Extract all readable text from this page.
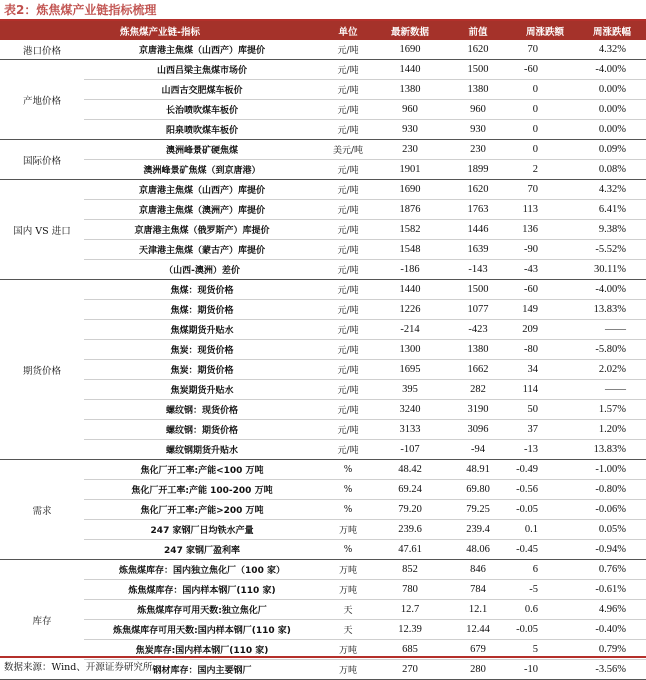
表2：炼焦煤产业链指标梳理
炼焦煤产业链-指标		单位	最新数据	前值	周涨跌额	周涨跌幅
港口价格	京唐港主焦煤（山西产）库提价	元/吨	1690	1620	70	4.32%
产地价格	山西吕梁主焦煤市场价	元/吨	1440	1500	-60	-4.00%
	山西古交肥煤车板价	元/吨	1380	1380	0	0.00%
	长治喷吹煤车板价	元/吨	960	960	0	0.00%
	阳泉喷吹煤车板价	元/吨	930	930	0	0.00%
国际价格	澳洲峰景矿硬焦煤	美元/吨	230	230	0	0.09%
	澳洲峰景矿焦煤（到京唐港）	元/吨	1901	1899	2	0.08%
国内 VS 进口	京唐港主焦煤（山西产）库提价	元/吨	1690	1620	70	4.32%
	京唐港主焦煤（澳洲产）库提价	元/吨	1876	1763	113	6.41%
	京唐港主焦煤（俄罗斯产）库提价	元/吨	1582	1446	136	9.38%
	天津港主焦煤（蒙古产）库提价	元/吨	1548	1639	-90	-5.52%
	（山西-澳洲）差价	元/吨	-186	-143	-43	30.11%
期货价格	焦煤：现货价格	元/吨	1440	1500	-60	-4.00%
	焦煤：期货价格	元/吨	1226	1077	149	13.83%
	焦煤期货升贴水	元/吨	-214	-423	209	——
	焦炭：现货价格	元/吨	1300	1380	-80	-5.80%
	焦炭：期货价格	元/吨	1695	1662	34	2.02%
	焦炭期货升贴水	元/吨	395	282	114	——
	螺纹钢：现货价格	元/吨	3240	3190	50	1.57%
	螺纹钢：期货价格	元/吨	3133	3096	37	1.20%
	螺纹钢期货升贴水	元/吨	-107	-94	-13	13.83%
需求	焦化厂开工率:产能<100 万吨	%	48.42	48.91	-0.49	-1.00%
	焦化厂开工率:产能 100-200 万吨	%	69.24	69.80	-0.56	-0.80%
	焦化厂开工率:产能>200 万吨	%	79.20	79.25	-0.05	-0.06%
	247 家钢厂日均铁水产量	万吨	239.6	239.4	0.1	0.05%
	247 家钢厂盈利率	%	47.61	48.06	-0.45	-0.94%
库存	炼焦煤库存：国内独立焦化厂（100 家）	万吨	852	846	6	0.76%
	炼焦煤库存：国内样本钢厂(110 家)	万吨	780	784	-5	-0.61%
	炼焦煤库存可用天数:独立焦化厂	天	12.7	12.1	0.6	4.96%
	炼焦煤库存可用天数:国内样本钢厂(110 家)	天	12.39	12.44	-0.05	-0.40%
	焦炭库存:国内样本钢厂(110 家)	万吨	685	679	5	0.79%
	钢材库存：国内主要钢厂	万吨	270	280	-10	-3.56%
数据来源：Wind、开源证券研究所
